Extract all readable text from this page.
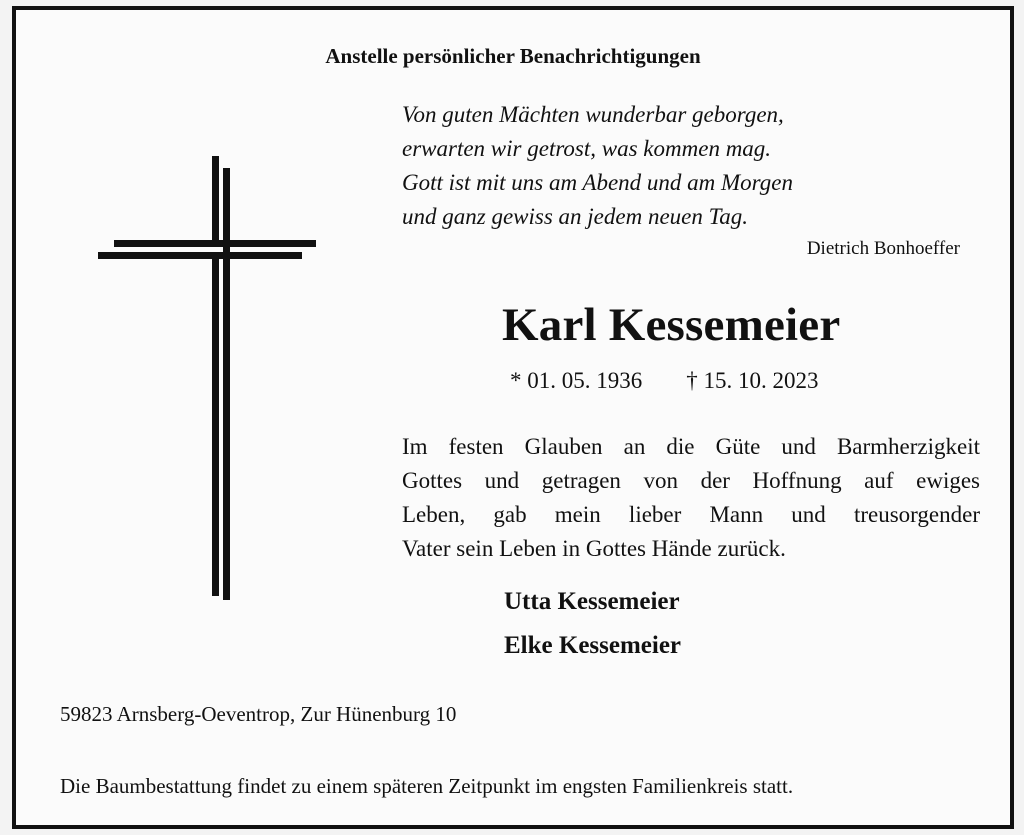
Anstelle persönlicher Benachrichtigungen
Von guten Mächten wunderbar geborgen,
erwarten wir getrost, was kommen mag.
Gott ist mit uns am Abend und am Morgen
und ganz gewiss an jedem neuen Tag.
Dietrich Bonhoeffer
Karl Kessemeier
* 01. 05. 1936 † 15. 10. 2023
Im festen Glauben an die Güte und Barmherzigkeit
Gottes und getragen von der Hoffnung auf ewiges
Leben, gab mein lieber Mann und treusorgender
Vater sein Leben in Gottes Hände zurück.
Utta Kessemeier
Elke Kessemeier
59823 Arnsberg-Oeventrop, Zur Hünenburg 10
Die Baumbestattung findet zu einem späteren Zeitpunkt im engsten Familienkreis statt.
